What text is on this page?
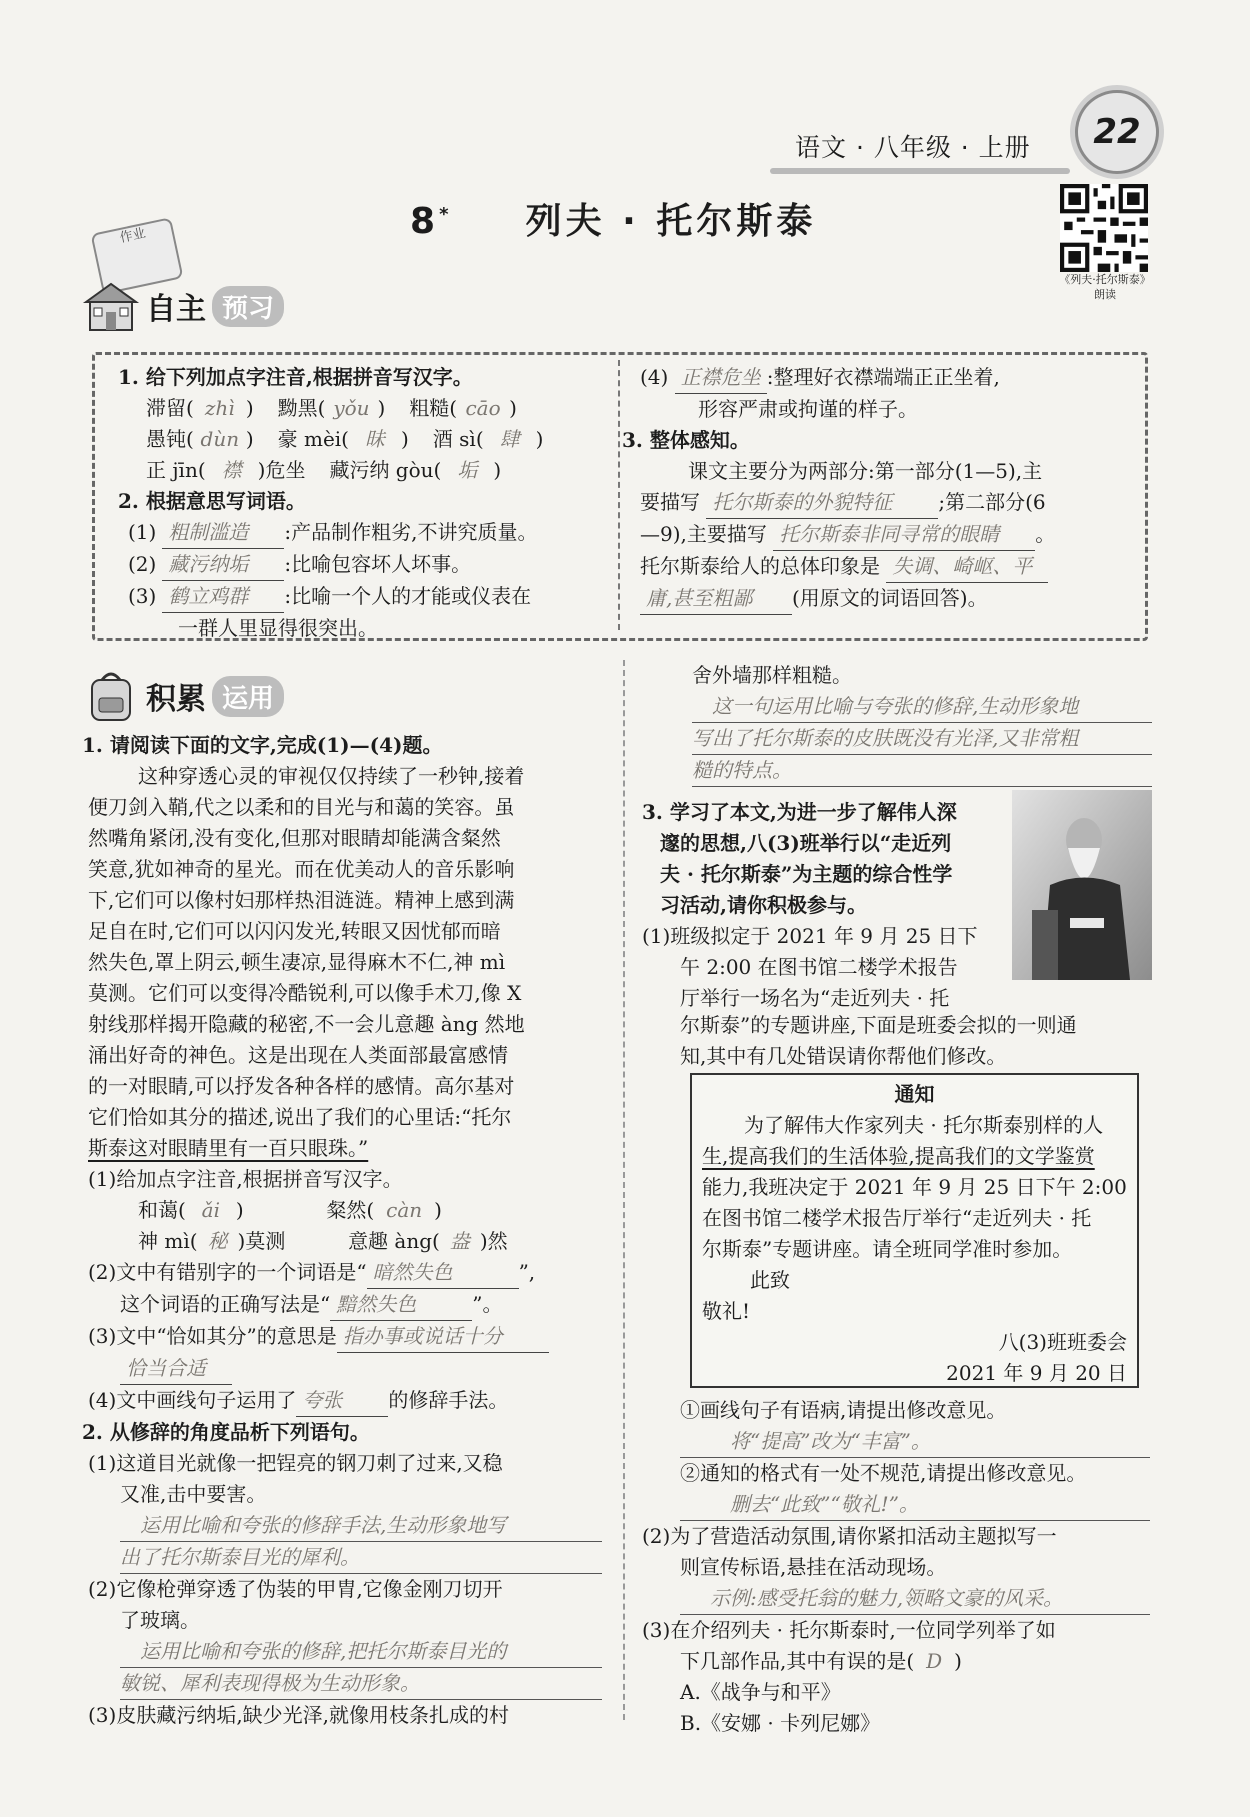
语文 · 八年级 · 上册	22
8* 列夫 · 托尔斯泰
《列夫·托尔斯泰》
朗读
作业
自主 预习

1. 给下列加点字注音,根据拼音写汉字。

滞留( zhì ) 黝黑( yǒu ) 粗糙( cāo )

愚钝( dùn ) 豪 mèi( 昧 ) 酒 sì( 肆 )

正 jīn( 襟 )危坐 藏污纳 gòu( 垢 )

2. 根据意思写词语。

(1) 粗制滥造 :产品制作粗劣,不讲究质量。

(2) 藏污纳垢 :比喻包容坏人坏事。

(3) 鹤立鸡群 :比喻一个人的才能或仪表在

一群人里显得很突出。

(4) 正襟危坐 :整理好衣襟端端正正坐着,

形容严肃或拘谨的样子。

3. 整体感知。

课文主要分为两部分:第一部分(1—5),主

要描写 托尔斯泰的外貌特征 ;第二部分(6

—9),主要描写 托尔斯泰非同寻常的眼睛 。

托尔斯泰给人的总体印象是 失调、崎岖、平

庸,甚至粗鄙 (用原文的词语回答)。

积累 运用

1. 请阅读下面的文字,完成(1)—(4)题。

这种穿透心灵的审视仅仅持续了一秒钟,接着

便刀剑入鞘,代之以柔和的目光与和蔼的笑容。虽

然嘴角紧闭,没有变化,但那对眼睛却能满含粲然

笑意,犹如神奇的星光。而在优美动人的音乐影响

下,它们可以像村妇那样热泪涟涟。精神上感到满

足自在时,它们可以闪闪发光,转眼又因忧郁而暗

然失色,罩上阴云,顿生凄凉,显得麻木不仁,神 mì

莫测。它们可以变得冷酷锐利,可以像手术刀,像 X

射线那样揭开隐藏的秘密,不一会儿意趣 àng 然地

涌出好奇的神色。这是出现在人类面部最富感情

的一对眼睛,可以抒发各种各样的感情。高尔基对

它们恰如其分的描述,说出了我们的心里话:“托尔

斯泰这对眼睛里有一百只眼珠。”

(1)给加点字注音,根据拼音写汉字。

和蔼( ǎi )	粲然( càn )

神 mì( 秘 )莫测	意趣 àng( 盎 )然

(2)文中有错别字的一个词语是“ 暗然失色	”,

这个词语的正确写法是“ 黯然失色	”。

(3)文中“恰如其分”的意思是 指办事或说话十分

恰当合适

(4)文中画线句子运用了 夸张 的修辞手法。

2. 从修辞的角度品析下列语句。

(1)这道目光就像一把锃亮的钢刀刺了过来,又稳

又准,击中要害。

运用比喻和夸张的修辞手法,生动形象地写

出了托尔斯泰目光的犀利。

(2)它像枪弹穿透了伪装的甲胄,它像金刚刀切开

了玻璃。

运用比喻和夸张的修辞,把托尔斯泰目光的

敏锐、犀利表现得极为生动形象。

(3)皮肤藏污纳垢,缺少光泽,就像用枝条扎成的村

舍外墙那样粗糙。

这一句运用比喻与夸张的修辞,生动形象地

写出了托尔斯泰的皮肤既没有光泽,又非常粗

糙的特点。

3. 学习了本文,为进一步了解伟人深

邃的思想,八(3)班举行以“走近列

夫 · 托尔斯泰”为主题的综合性学

习活动,请你积极参与。

(1)班级拟定于 2021 年 9 月 25 日下

午 2:00 在图书馆二楼学术报告

厅举行一场名为“走近列夫 · 托

尔斯泰”的专题讲座,下面是班委会拟的一则通

知,其中有几处错误请你帮他们修改。

通知

为了解伟大作家列夫 · 托尔斯泰别样的人

生,提高我们的生活体验,提高我们的文学鉴赏

能力,我班决定于 2021 年 9 月 25 日下午 2:00

在图书馆二楼学术报告厅举行“走近列夫 · 托

尔斯泰”专题讲座。请全班同学准时参加。

此致

敬礼!

八(3)班班委会

2021 年 9 月 20 日

①画线句子有语病,请提出修改意见。

将“提高”改为“丰富”。

②通知的格式有一处不规范,请提出修改意见。

删去“此致”“敬礼!”。

(2)为了营造活动氛围,请你紧扣活动主题拟写一

则宣传标语,悬挂在活动现场。

示例:感受托翁的魅力,领略文豪的风采。

(3)在介绍列夫 · 托尔斯泰时,一位同学列举了如

下几部作品,其中有误的是( D )

A.《战争与和平》

B.《安娜 · 卡列尼娜》
